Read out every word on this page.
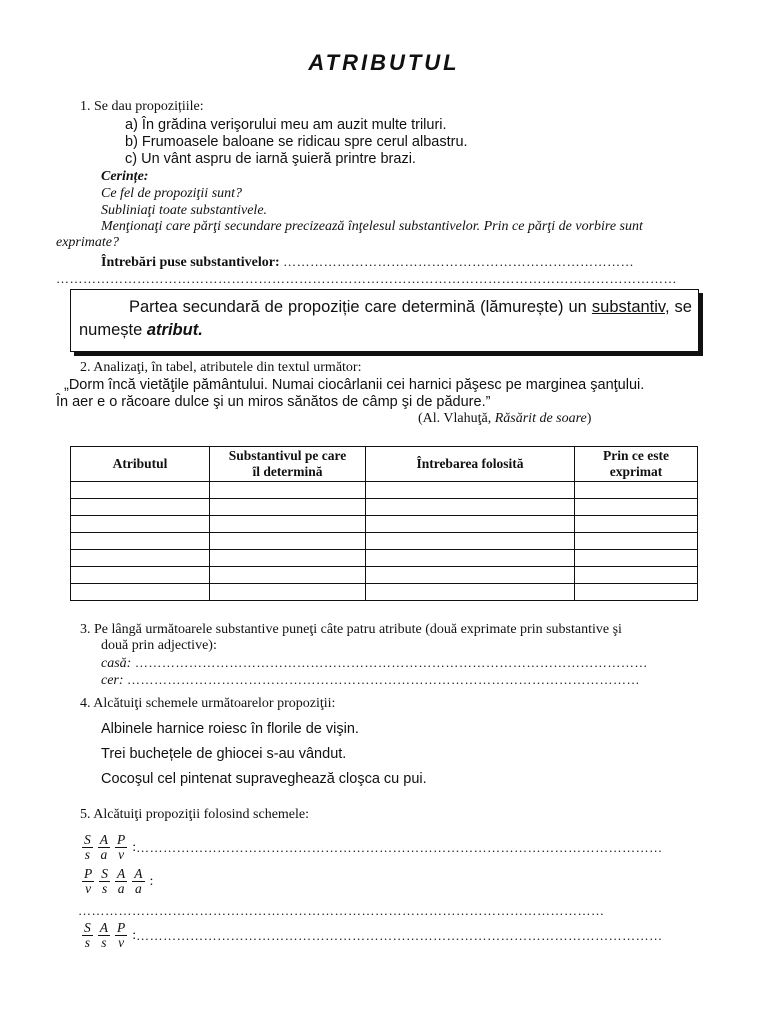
ATRIBUTUL
1. Se dau propozițiile:
a) În grădina verişorului meu am auzit multe triluri.
b) Frumoasele baloane se ridicau spre cerul albastru.
c) Un vânt aspru de iarnă şuieră printre brazi.
Cerințe:
Ce fel de propoziţii sunt?
Subliniaţi toate substantivele.
Menţionaţi care părţi secundare precizează înţelesul substantivelor. Prin ce părţi de vorbire sunt
exprimate?
Întrebări puse substantivelor: ……………………………………………………………………
…………………………………………………………………………………………………………………………
Partea secundară de propoziție care determină (lămurește) un substantiv, se numește atribut.
2. Analizaţi, în tabel, atributele din textul următor:
„Dorm încă vietăţile pământului. Numai ciocârlanii cei harnici păşesc pe marginea şanţului.
În aer e o răcoare dulce şi un miros sănătos de câmp şi de pădure.”
(Al. Vlahuţă, Răsărit de soare)
Atributul	Substantivul pe care îl determină	Întrebarea folosită	Prin ce este exprimat

3. Pe lângă următoarele substantive puneţi câte patru atribute (două exprimate prin substantive şi
două prin adjective):
casă: ……………………………………………………………………………………………………
cer: ……………………………………………………………………………………………………
4. Alcătuiţi schemele următoarelor propoziţii:
Albinele harnice roiesc în florile de vişin.
Trei buchețele de ghiocei s-au vândut.
Cocoşul cel pintenat supraveghează cloşca cu pui.
5. Alcătuiţi propoziţii folosind schemele:
S
s
A
a
P
v : ………………………………………………………………………………………………………
P
v
S
s
A
a
A
a :
………………………………………………………………………………………………………
S
s
A
s
P
v : ………………………………………………………………………………………………………
